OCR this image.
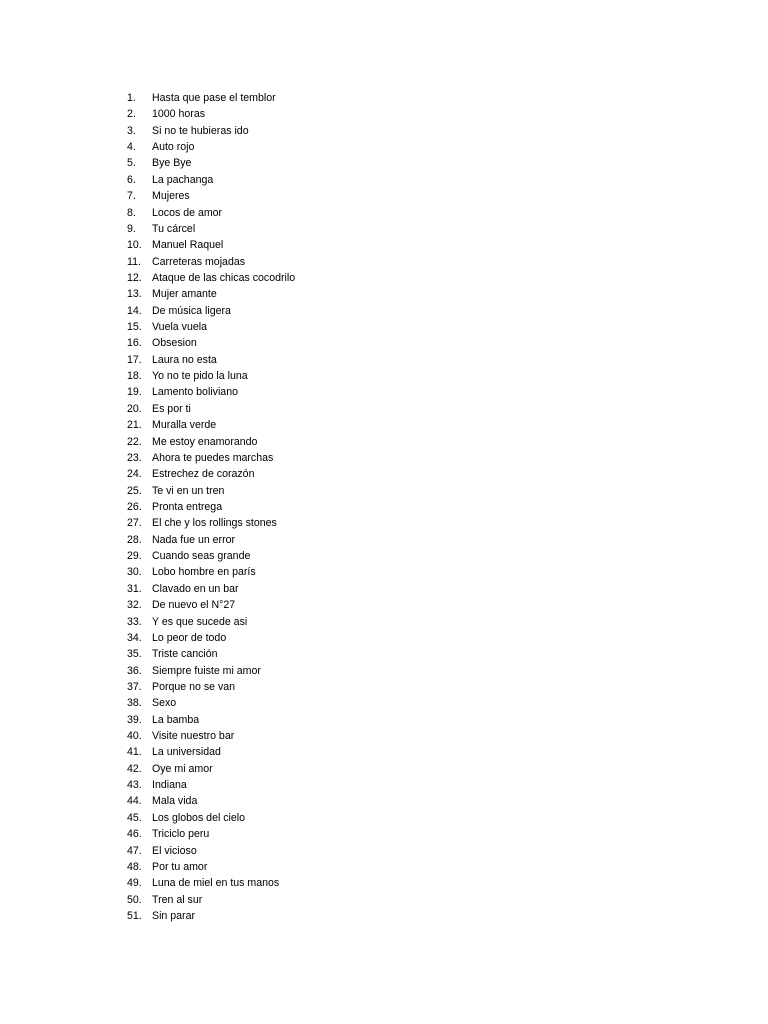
1.	Hasta que pase el temblor
2.	1000 horas
3.	Si no te hubieras ido
4.	Auto rojo
5.	Bye Bye
6.	La pachanga
7.	Mujeres
8.	Locos de amor
9.	Tu cárcel
10. Manuel Raquel
11.	Carreteras mojadas
12. Ataque de las chicas cocodrilo
13. Mujer amante
14. De música ligera
15. Vuela vuela
16. Obsesion
17. Laura no esta
18. Yo no te pido la luna
19. Lamento boliviano
20. Es por ti
21. Muralla verde
22. Me estoy enamorando
23. Ahora te puedes marchas
24. Estrechez de corazón
25. Te vi en un tren
26. Pronta entrega
27. El che y los rollings stones
28. Nada fue un error
29. Cuando seas grande
30. Lobo hombre en parís
31. Clavado en un bar
32. De nuevo el N°27
33. Y es que sucede asi
34. Lo peor de todo
35. Triste canción
36. Siempre fuiste mi amor
37. Porque no se van
38. Sexo
39. La bamba
40. Visite nuestro bar
41. La universidad
42. Oye mi amor
43. Indiana
44. Mala vida
45. Los globos del cielo
46. Triciclo peru
47. El vicioso
48. Por tu amor
49. Luna de miel en tus manos
50. Tren al sur
51. Sin parar
